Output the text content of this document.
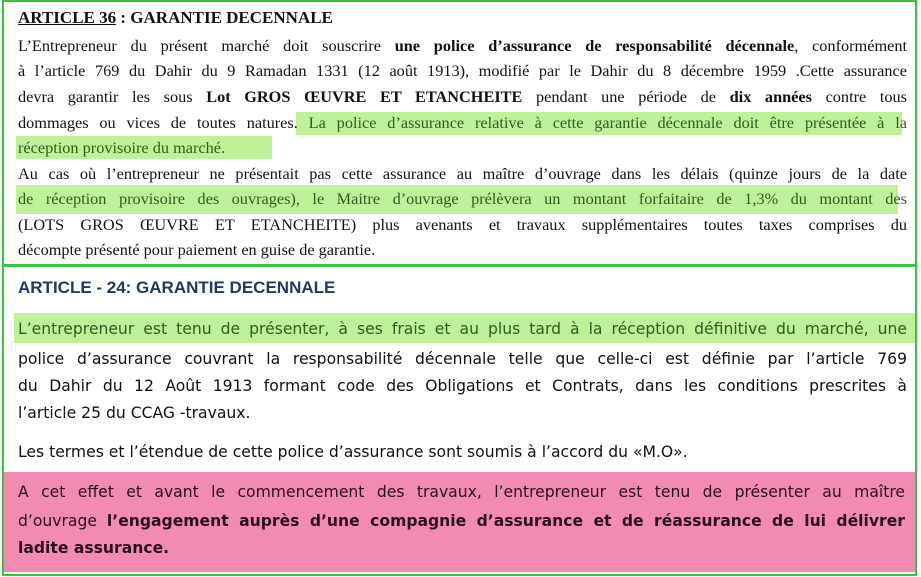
ARTICLE 36 : GARANTIE DECENNALE
L’Entrepreneur du présent marché doit souscrire une police d’assurance de responsabilité décennale, conformément
à l’article 769 du Dahir du 9 Ramadan 1331 (12 août 1913), modifié par le Dahir du 8 décembre 1959 .Cette assurance
devra garantir les sous Lot GROS ŒUVRE ET ETANCHEITE pendant une période de dix années contre tous
dommages ou vices de toutes natures. La police d’assurance relative à cette garantie décennale doit être présentée à la
réception provisoire du marché.
Au cas où l’entrepreneur ne présentait pas cette assurance au maître d’ouvrage dans les délais (quinze jours de la date
de réception provisoire des ouvrages), le Maitre d’ouvrage prélèvera un montant forfaitaire de 1,3% du montant des
(LOTS GROS ŒUVRE ET ETANCHEITE) plus avenants et travaux supplémentaires toutes taxes comprises du
décompte présenté pour paiement en guise de garantie.
ARTICLE - 24: GARANTIE DECENNALE
L’entrepreneur est tenu de présenter, à ses frais et au plus tard à la réception définitive du marché, une
police d’assurance couvrant la responsabilité décennale telle que celle-ci est définie par l’article 769
du Dahir du 12 Août 1913 formant code des Obligations et Contrats, dans les conditions prescrites à
l’article 25 du CCAG -travaux.
Les termes et l’étendue de cette police d’assurance sont soumis à l’accord du «M.O».
A cet effet et avant le commencement des travaux, l’entrepreneur est tenu de présenter au maître
d’ouvrage l’engagement auprès d’une compagnie d’assurance et de réassurance de lui délivrer
ladite assurance.
